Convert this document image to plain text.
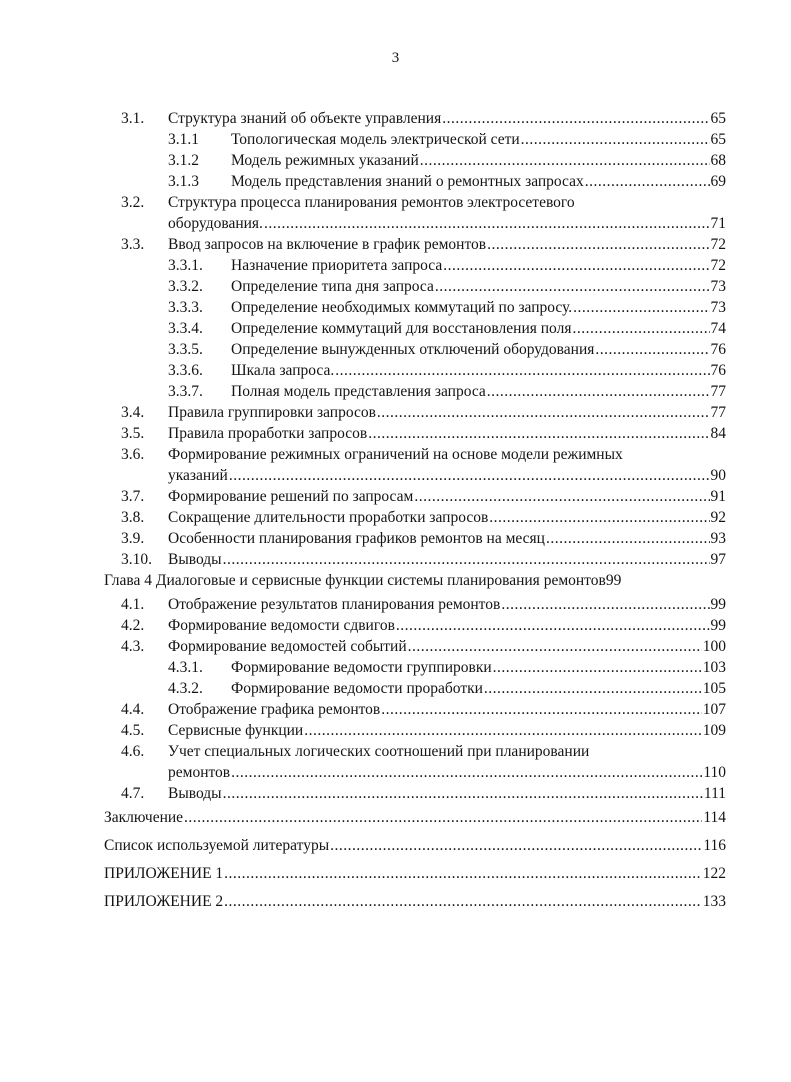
3
3.1. Структура знаний об объекте управления .....	65
3.1.1 Топологическая модель электрической сети .....	65
3.1.2 Модель режимных указаний .....	68
3.1.3 Модель представления знаний о ремонтных запросах .....	69
3.2. Структура процесса планирования ремонтов электросетевого
оборудования. .....	71
3.3. Ввод запросов на включение в график ремонтов .....	72
3.3.1. Назначение приоритета запроса .....	72
3.3.2. Определение типа дня запроса .....	73
3.3.3. Определение необходимых коммутаций по запросу. .....	73
3.3.4. Определение коммутаций для восстановления поля .....	74
3.3.5. Определение вынужденных отключений оборудования .....	76
3.3.6. Шкала запроса. .....	76
3.3.7. Полная модель представления запроса .....	77
3.4. Правила группировки запросов .....	77
3.5. Правила проработки запросов .....	84
3.6. Формирование режимных ограничений на основе модели режимных
указаний .....	90
3.7. Формирование решений по запросам .....	91
3.8. Сокращение длительности проработки запросов .....	92
3.9. Особенности планирования графиков ремонтов на месяц .....	93
3.10. Выводы .....	97
Глава 4 Диалоговые и сервисные функции системы планирования ремонтов 99
4.1. Отображение результатов планирования ремонтов .....	99
4.2. Формирование ведомости сдвигов .....	99
4.3. Формирование ведомостей событий .....	100
4.3.1. Формирование ведомости группировки .....	103
4.3.2. Формирование ведомости проработки .....	105
4.4. Отображение графика ремонтов .....	107
4.5. Сервисные функции .....	109
4.6. Учет специальных логических соотношений при планировании
ремонтов .....	110
4.7. Выводы .....	111
Заключение .....	114
Список используемой литературы .....	116
ПРИЛОЖЕНИЕ 1 .....	122
ПРИЛОЖЕНИЕ 2 .....	133
